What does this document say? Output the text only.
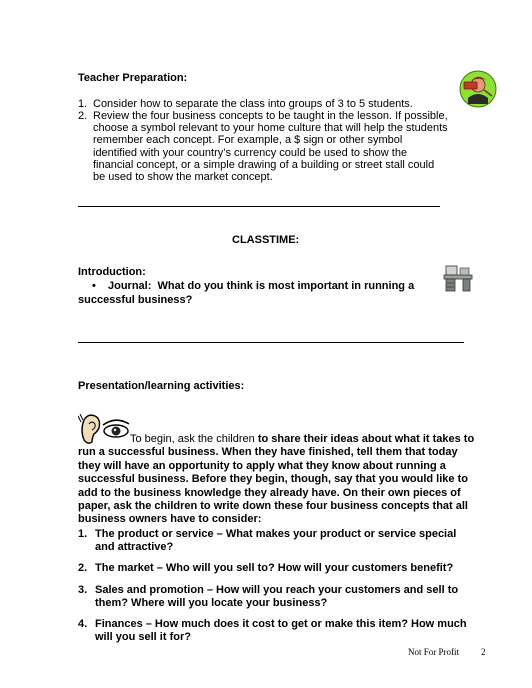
Teacher Preparation:
1. Consider how to separate the class into groups of 3 to 5 students.
2. Review the four business concepts to be taught in the lesson. If possible, choose a symbol relevant to your home culture that will help the students remember each concept. For example, a $ sign or other symbol identified with your country’s currency could be used to show the financial concept, or a simple drawing of a building or street stall could be used to show the market concept.
CLASSTIME:
Introduction:
• Journal: What do you think is most important in running a successful business?
Presentation/learning activities:
To begin, ask the children to share their ideas about what it takes to run a successful business. When they have finished, tell them that today they will have an opportunity to apply what they know about running a successful business. Before they begin, though, say that you would like to add to the business knowledge they already have. On their own pieces of paper, ask the children to write down these four business concepts that all business owners have to consider:
1. The product or service – What makes your product or service special and attractive?
2. The market – Who will you sell to? How will your customers benefit?
3. Sales and promotion – How will you reach your customers and sell to them? Where will you locate your business?
4. Finances – How much does it cost to get or make this item? How much will you sell it for?
Not For Profit 2
